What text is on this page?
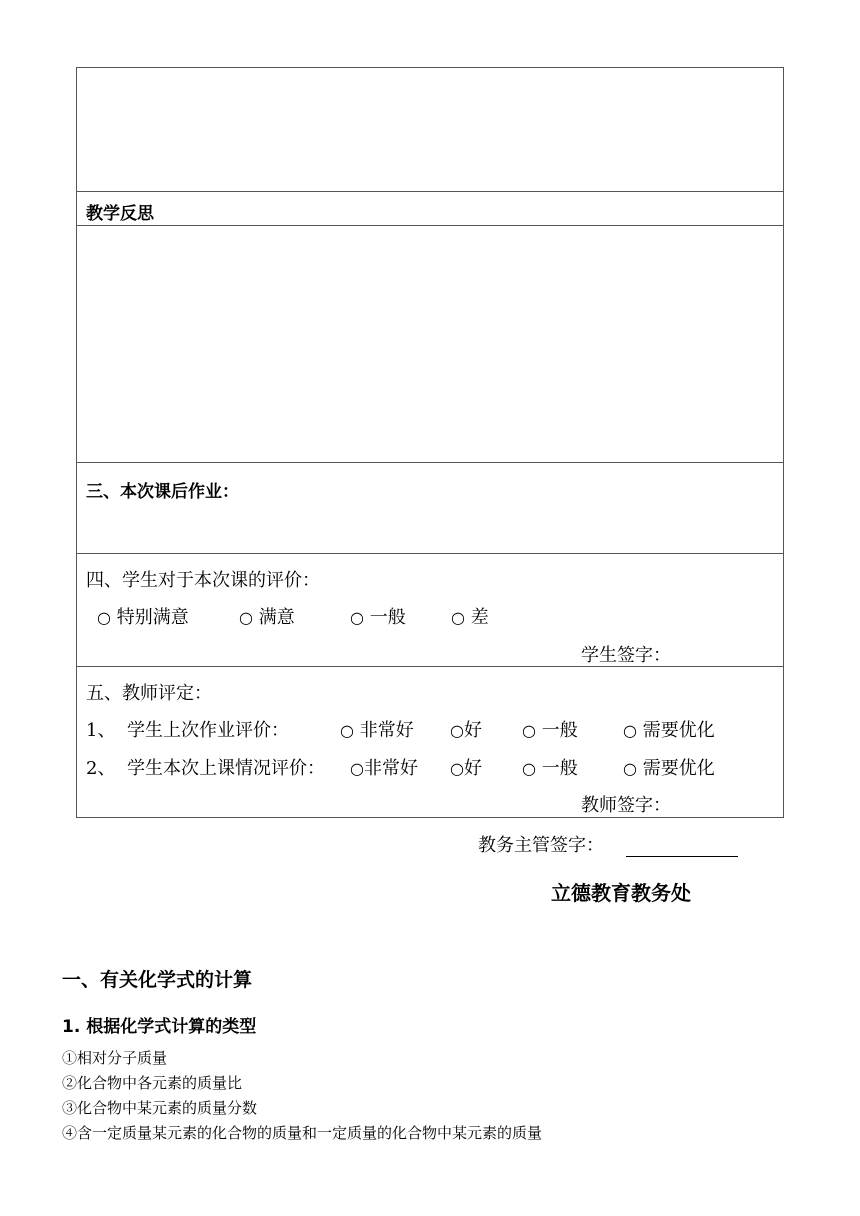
教学反思
三、本次课后作业：
四、学生对于本次课的评价：
○ 特别满意	○ 满意	○ 一般	○ 差
学生签字：
五、教师评定：
1、 学生上次作业评价：	○ 非常好 ○好	○ 一般	○ 需要优化
2、 学生本次上课情况评价： ○非常好 ○好	○ 一般	○ 需要优化
教师签字：
教务主管签字：
立德教育教务处
一、有关化学式的计算
1. 根据化学式计算的类型
①相对分子质量
②化合物中各元素的质量比
③化合物中某元素的质量分数
④含一定质量某元素的化合物的质量和一定质量的化合物中某元素的质量
